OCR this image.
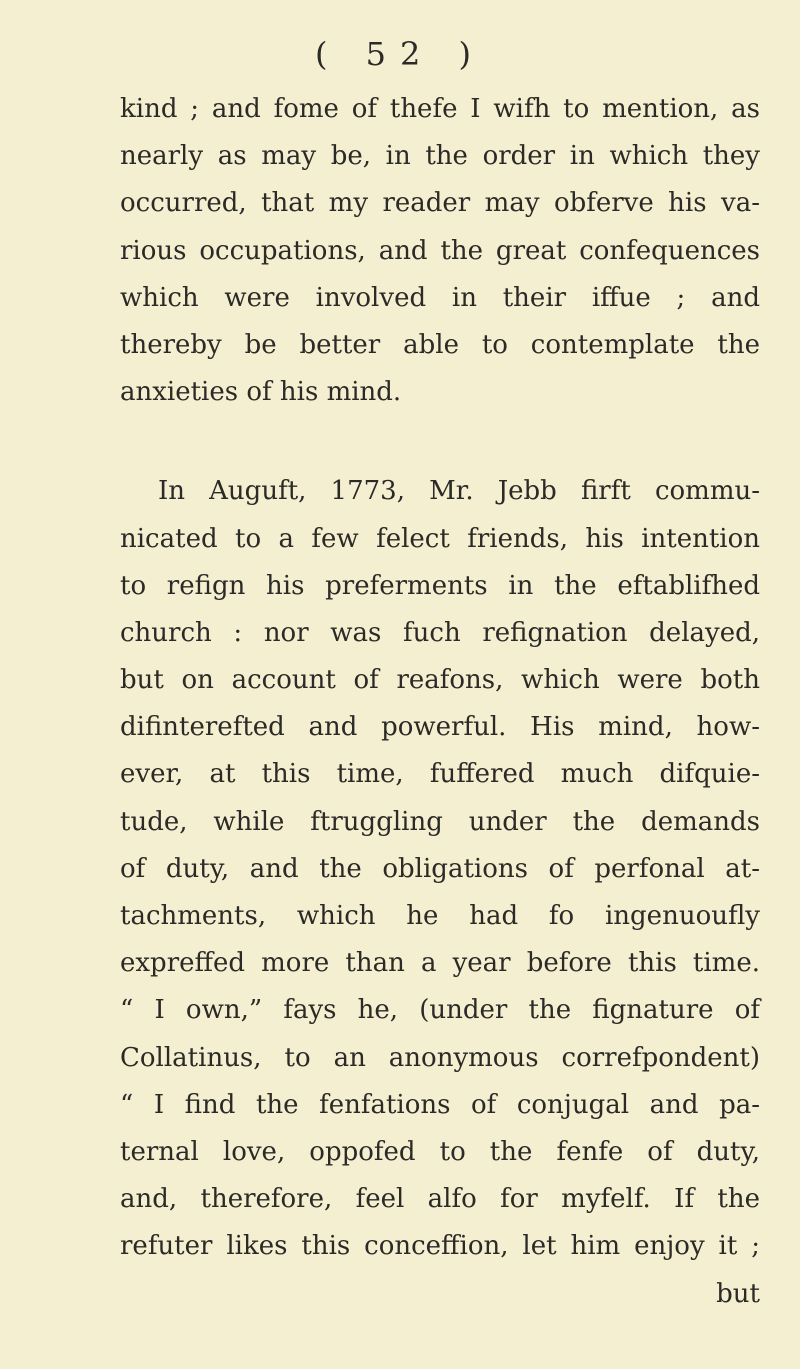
( 52 )
kind ; and fome of thefe I wifh to mention, as
nearly as may be, in the order in which they
occurred, that my reader may obferve his va-
rious occupations, and the great confequences
which were involved in their iffue ; and
thereby be better able to contemplate the
anxieties of his mind.
In Auguft, 1773, Mr. Jebb firft commu-
nicated to a few felect friends, his intention
to refign his preferments in the eftablifhed
church : nor was fuch refignation delayed,
but on account of reafons, which were both
difinterefted and powerful. His mind, how-
ever, at this time, fuffered much difquie-
tude, while ftruggling under the demands
of duty, and the obligations of perfonal at-
tachments, which he had fo ingenuoufly
expreffed more than a year before this time.
“ I own,” fays he, (under the fignature of
Collatinus, to an anonymous correfpondent)
“ I find the fenfations of conjugal and pa-
ternal love, oppofed to the fenfe of duty,
and, therefore, feel alfo for myfelf. If the
refuter likes this conceffion, let him enjoy it ;
but
